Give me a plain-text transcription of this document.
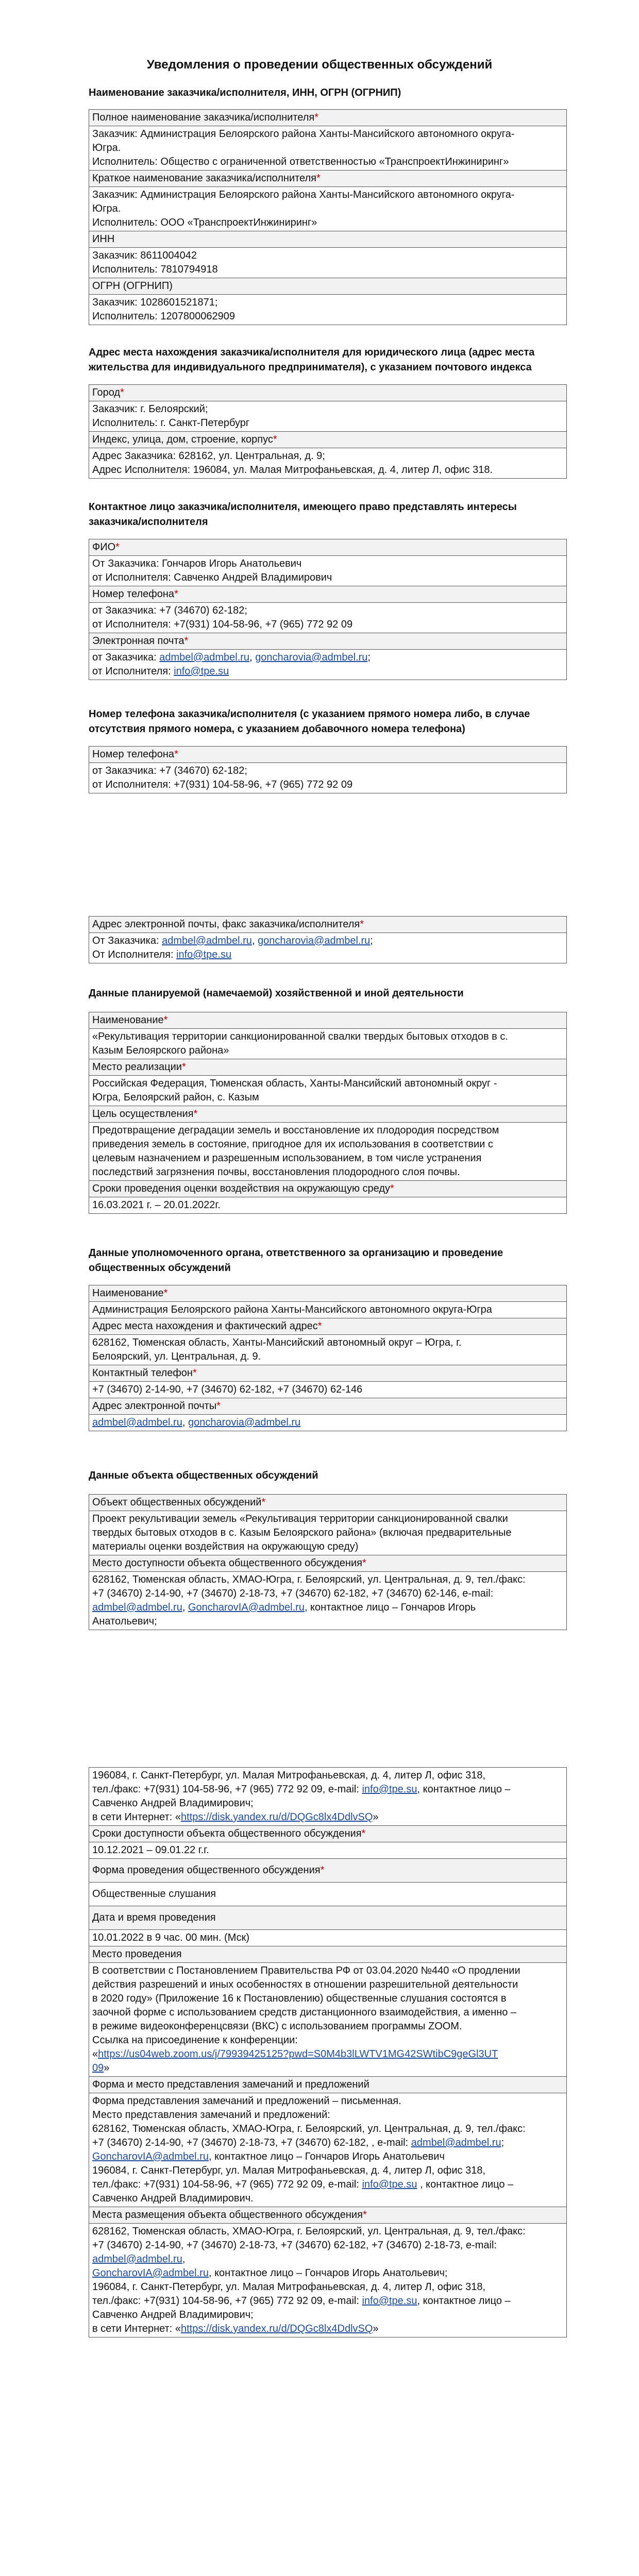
Уведомления о проведении общественных обсуждений
Наименование заказчика/исполнителя, ИНН, ОГРН (ОГРНИП)
Полное наименование заказчика/исполнителя*
Заказчик: Администрация Белоярского района Ханты-Мансийского автономного округа-
Югра.
Исполнитель: Общество с ограниченной ответственностью «ТранспроектИнжиниринг»
Краткое наименование заказчика/исполнителя*
Заказчик: Администрация Белоярского района Ханты-Мансийского автономного округа-
Югра.
Исполнитель: ООО «ТранспроектИнжиниринг»
ИНН
Заказчик: 8611004042
Исполнитель: 7810794918
ОГРН (ОГРНИП)
Заказчик: 1028601521871;
Исполнитель: 1207800062909
Адрес места нахождения заказчика/исполнителя для юридического лица (адрес места жительства для индивидуального предпринимателя), с указанием почтового индекса
Город*
Заказчик: г. Белоярский;
Исполнитель: г. Санкт-Петербург
Индекс, улица, дом, строение, корпус*
Адрес Заказчика: 628162, ул. Центральная, д. 9;
Адрес Исполнителя: 196084, ул. Малая Митрофаньевская, д. 4, литер Л, офис 318.
Контактное лицо заказчика/исполнителя, имеющего право представлять интересы заказчика/исполнителя
ФИО*
От Заказчика: Гончаров Игорь Анатольевич
от Исполнителя: Савченко Андрей Владимирович
Номер телефона*
от Заказчика: +7 (34670) 62-182;
от Исполнителя: +7(931) 104-58-96, +7 (965) 772 92 09
Электронная почта*
от Заказчика: admbel@admbel.ru, goncharovia@admbel.ru;
от Исполнителя: info@tpe.su
Номер телефона заказчика/исполнителя (с указанием прямого номера либо, в случае отсутствия прямого номера, с указанием добавочного номера телефона)
Номер телефона*
от Заказчика: +7 (34670) 62-182;
от Исполнителя: +7(931) 104-58-96, +7 (965) 772 92 09
Адрес электронной почты, факс заказчика/исполнителя*
От Заказчика: admbel@admbel.ru, goncharovia@admbel.ru;
От Исполнителя: info@tpe.su
Данные планируемой (намечаемой) хозяйственной и иной деятельности
Наименование*
«Рекультивация территории санкционированной свалки твердых бытовых отходов в с.
Казым Белоярского района»
Место реализации*
Российская Федерация, Тюменская область, Ханты-Мансийский автономный округ -
Югра, Белоярский район, с. Казым
Цель осуществления*
Предотвращение деградации земель и восстановление их плодородия посредством
приведения земель в состояние, пригодное для их использования в соответствии с
целевым назначением и разрешенным использованием, в том числе устранения
последствий загрязнения почвы, восстановления плодородного слоя почвы.
Сроки проведения оценки воздействия на окружающую среду*
16.03.2021 г. – 20.01.2022г.
Данные уполномоченного органа, ответственного за организацию и проведение общественных обсуждений
Наименование*
Администрация Белоярского района Ханты-Мансийского автономного округа-Югра
Адрес места нахождения и фактический адрес*
628162, Тюменская область, Ханты-Мансийский автономный округ – Югра, г.
Белоярский, ул. Центральная, д. 9.
Контактный телефон*
+7 (34670) 2-14-90, +7 (34670) 62-182, +7 (34670) 62-146
Адрес электронной почты*
admbel@admbel.ru, goncharovia@admbel.ru
Данные объекта общественных обсуждений
Объект общественных обсуждений*
Проект рекультивации земель «Рекультивация территории санкционированной свалки
твердых бытовых отходов в с. Казым Белоярского района» (включая предварительные
материалы оценки воздействия на окружающую среду)
Место доступности объекта общественного обсуждения*
628162, Тюменская область, ХМАО-Югра, г. Белоярский, ул. Центральная, д. 9, тел./факс:
+7 (34670) 2-14-90, +7 (34670) 2-18-73, +7 (34670) 62-182, +7 (34670) 62-146, e-mail:
admbel@admbel.ru, GoncharovIA@admbel.ru, контактное лицо – Гончаров Игорь
Анатольевич;
196084, г. Санкт-Петербург, ул. Малая Митрофаньевская, д. 4, литер Л, офис 318,
тел./факс: +7(931) 104-58-96, +7 (965) 772 92 09, e-mail: info@tpe.su, контактное лицо –
Савченко Андрей Владимирович;
в сети Интернет: «https://disk.yandex.ru/d/DQGc8lx4DdlvSQ»
Сроки доступности объекта общественного обсуждения*
10.12.2021 – 09.01.22 г.г.
Форма проведения общественного обсуждения*
Общественные слушания
Дата и время проведения
10.01.2022 в 9 час. 00 мин. (Мск)
Место проведения
В соответствии с Постановлением Правительства РФ от 03.04.2020 №440 «О продлении
действия разрешений и иных особенностях в отношении разрешительной деятельности
в 2020 году» (Приложение 16 к Постановлению) общественные слушания состоятся в
заочной форме с использованием средств дистанционного взаимодействия, а именно –
в режиме видеоконференцсвязи (ВКС) с использованием программы ZOOM.
Ссылка на присоединение к конференции:
«https://us04web.zoom.us/j/79939425125?pwd=S0M4b3lLWTV1MG42SWtibC9geGl3UT
09»
Форма и место представления замечаний и предложений
Форма представления замечаний и предложений – письменная.
Место представления замечаний и предложений:
628162, Тюменская область, ХМАО-Югра, г. Белоярский, ул. Центральная, д. 9, тел./факс:
+7 (34670) 2-14-90, +7 (34670) 2-18-73, +7 (34670) 62-182, , e-mail: admbel@admbel.ru;
GoncharovIA@admbel.ru, контактное лицо – Гончаров Игорь Анатольевич
196084, г. Санкт-Петербург, ул. Малая Митрофаньевская, д. 4, литер Л, офис 318,
тел./факс: +7(931) 104-58-96, +7 (965) 772 92 09, e-mail: info@tpe.su , контактное лицо –
Савченко Андрей Владимирович.
Места размещения объекта общественного обсуждения*
628162, Тюменская область, ХМАО-Югра, г. Белоярский, ул. Центральная, д. 9, тел./факс:
+7 (34670) 2-14-90, +7 (34670) 2-18-73, +7 (34670) 62-182, +7 (34670) 2-18-73, e-mail: admbel@admbel.ru,
GoncharovIA@admbel.ru, контактное лицо – Гончаров Игорь Анатольевич;
196084, г. Санкт-Петербург, ул. Малая Митрофаньевская, д. 4, литер Л, офис 318,
тел./факс: +7(931) 104-58-96, +7 (965) 772 92 09, e-mail: info@tpe.su, контактное лицо –
Савченко Андрей Владимирович;
в сети Интернет: «https://disk.yandex.ru/d/DQGc8lx4DdlvSQ»
